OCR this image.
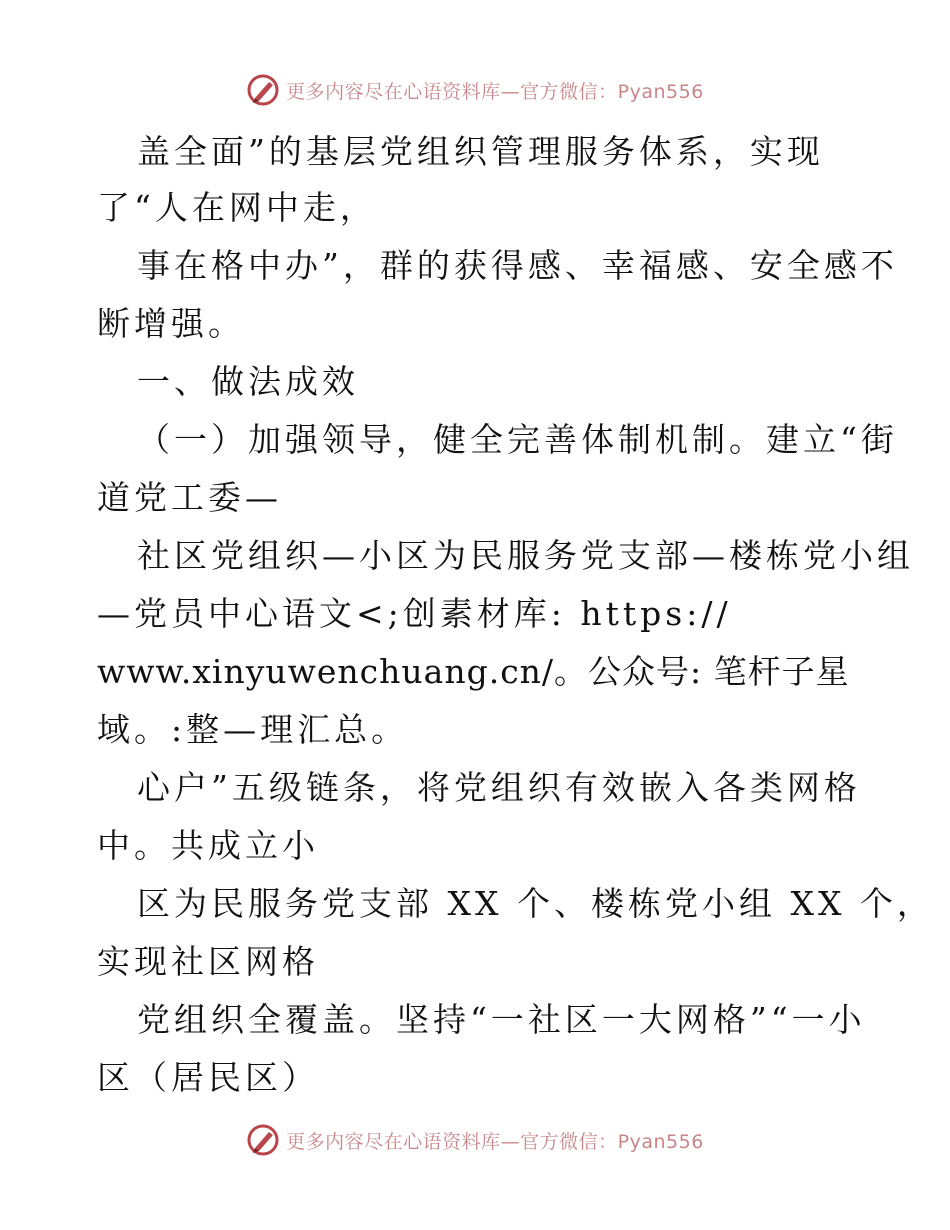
更多内容尽在心语资料库—官方微信：Pyan556
盖全面”的基层党组织管理服务体系，实现
了“人在网中走，
事在格中办”，群的获得感、幸福感、安全感不
断增强。
一、做法成效
（一）加强领导，健全完善体制机制。建立“街
道党工委—
社区党组织—小区为民服务党支部—楼栋党小组
—党员中心语文<;创素材库: https://
www.xinyuwenchuang.cn/。公众号: 笔杆子星
域。:整—理汇总。
心户”五级链条，将党组织有效嵌入各类网格
中。共成立小
区为民服务党支部 XX 个、楼栋党小组 XX 个，
实现社区网格
党组织全覆盖。坚持“一社区一大网格”“一小
区（居民区）
更多内容尽在心语资料库—官方微信：Pyan556
